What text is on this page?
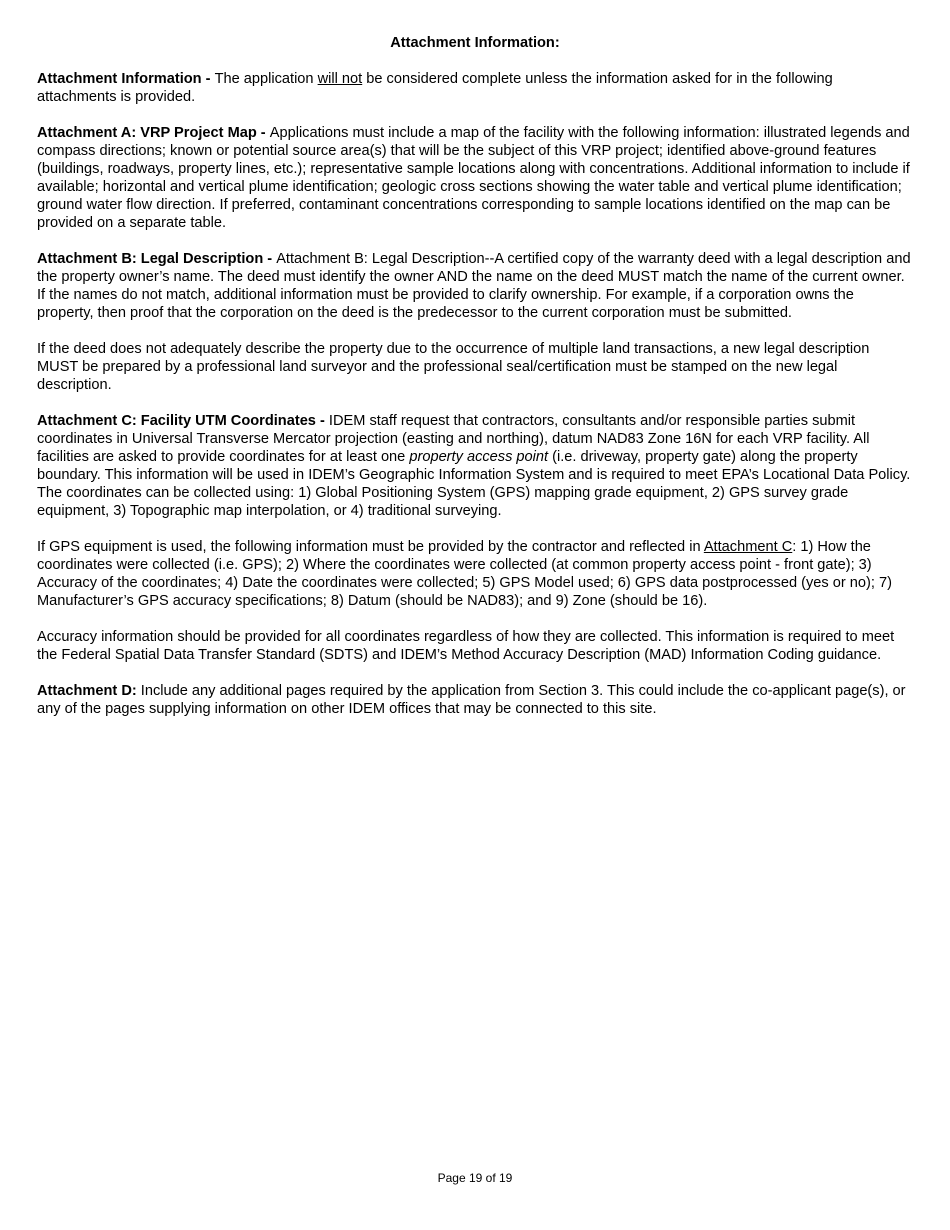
Attachment Information:

Attachment Information - The application will not be considered complete unless the information asked for in the following attachments is provided.

Attachment A: VRP Project Map - Applications must include a map of the facility with the following information: illustrated legends and compass directions; known or potential source area(s) that will be the subject of this VRP project; identified above-ground features (buildings, roadways, property lines, etc.); representative sample locations along with concentrations. Additional information to include if available; horizontal and vertical plume identification; geologic cross sections showing the water table and vertical plume identification; ground water flow direction. If preferred, contaminant concentrations corresponding to sample locations identified on the map can be provided on a separate table.

Attachment B: Legal Description - Attachment B: Legal Description--A certified copy of the warranty deed with a legal description and the property owner’s name. The deed must identify the owner AND the name on the deed MUST match the name of the current owner. If the names do not match, additional information must be provided to clarify ownership. For example, if a corporation owns the property, then proof that the corporation on the deed is the predecessor to the current corporation must be submitted.

If the deed does not adequately describe the property due to the occurrence of multiple land transactions, a new legal description MUST be prepared by a professional land surveyor and the professional seal/certification must be stamped on the new legal description.

Attachment C: Facility UTM Coordinates - IDEM staff request that contractors, consultants and/or responsible parties submit coordinates in Universal Transverse Mercator projection (easting and northing), datum NAD83 Zone 16N for each VRP facility. All facilities are asked to provide coordinates for at least one property access point (i.e. driveway, property gate) along the property boundary. This information will be used in IDEM’s Geographic Information System and is required to meet EPA’s Locational Data Policy. The coordinates can be collected using: 1) Global Positioning System (GPS) mapping grade equipment, 2) GPS survey grade equipment, 3) Topographic map interpolation, or 4) traditional surveying.

If GPS equipment is used, the following information must be provided by the contractor and reflected in Attachment C: 1) How the coordinates were collected (i.e. GPS); 2) Where the coordinates were collected (at common property access point - front gate); 3) Accuracy of the coordinates; 4) Date the coordinates were collected; 5) GPS Model used; 6) GPS data postprocessed (yes or no); 7) Manufacturer’s GPS accuracy specifications; 8) Datum (should be NAD83); and 9) Zone (should be 16).

Accuracy information should be provided for all coordinates regardless of how they are collected. This information is required to meet the Federal Spatial Data Transfer Standard (SDTS) and IDEM’s Method Accuracy Description (MAD) Information Coding guidance.

Attachment D: Include any additional pages required by the application from Section 3. This could include the co-applicant page(s), or any of the pages supplying information on other IDEM offices that may be connected to this site.

Page 19 of 19
